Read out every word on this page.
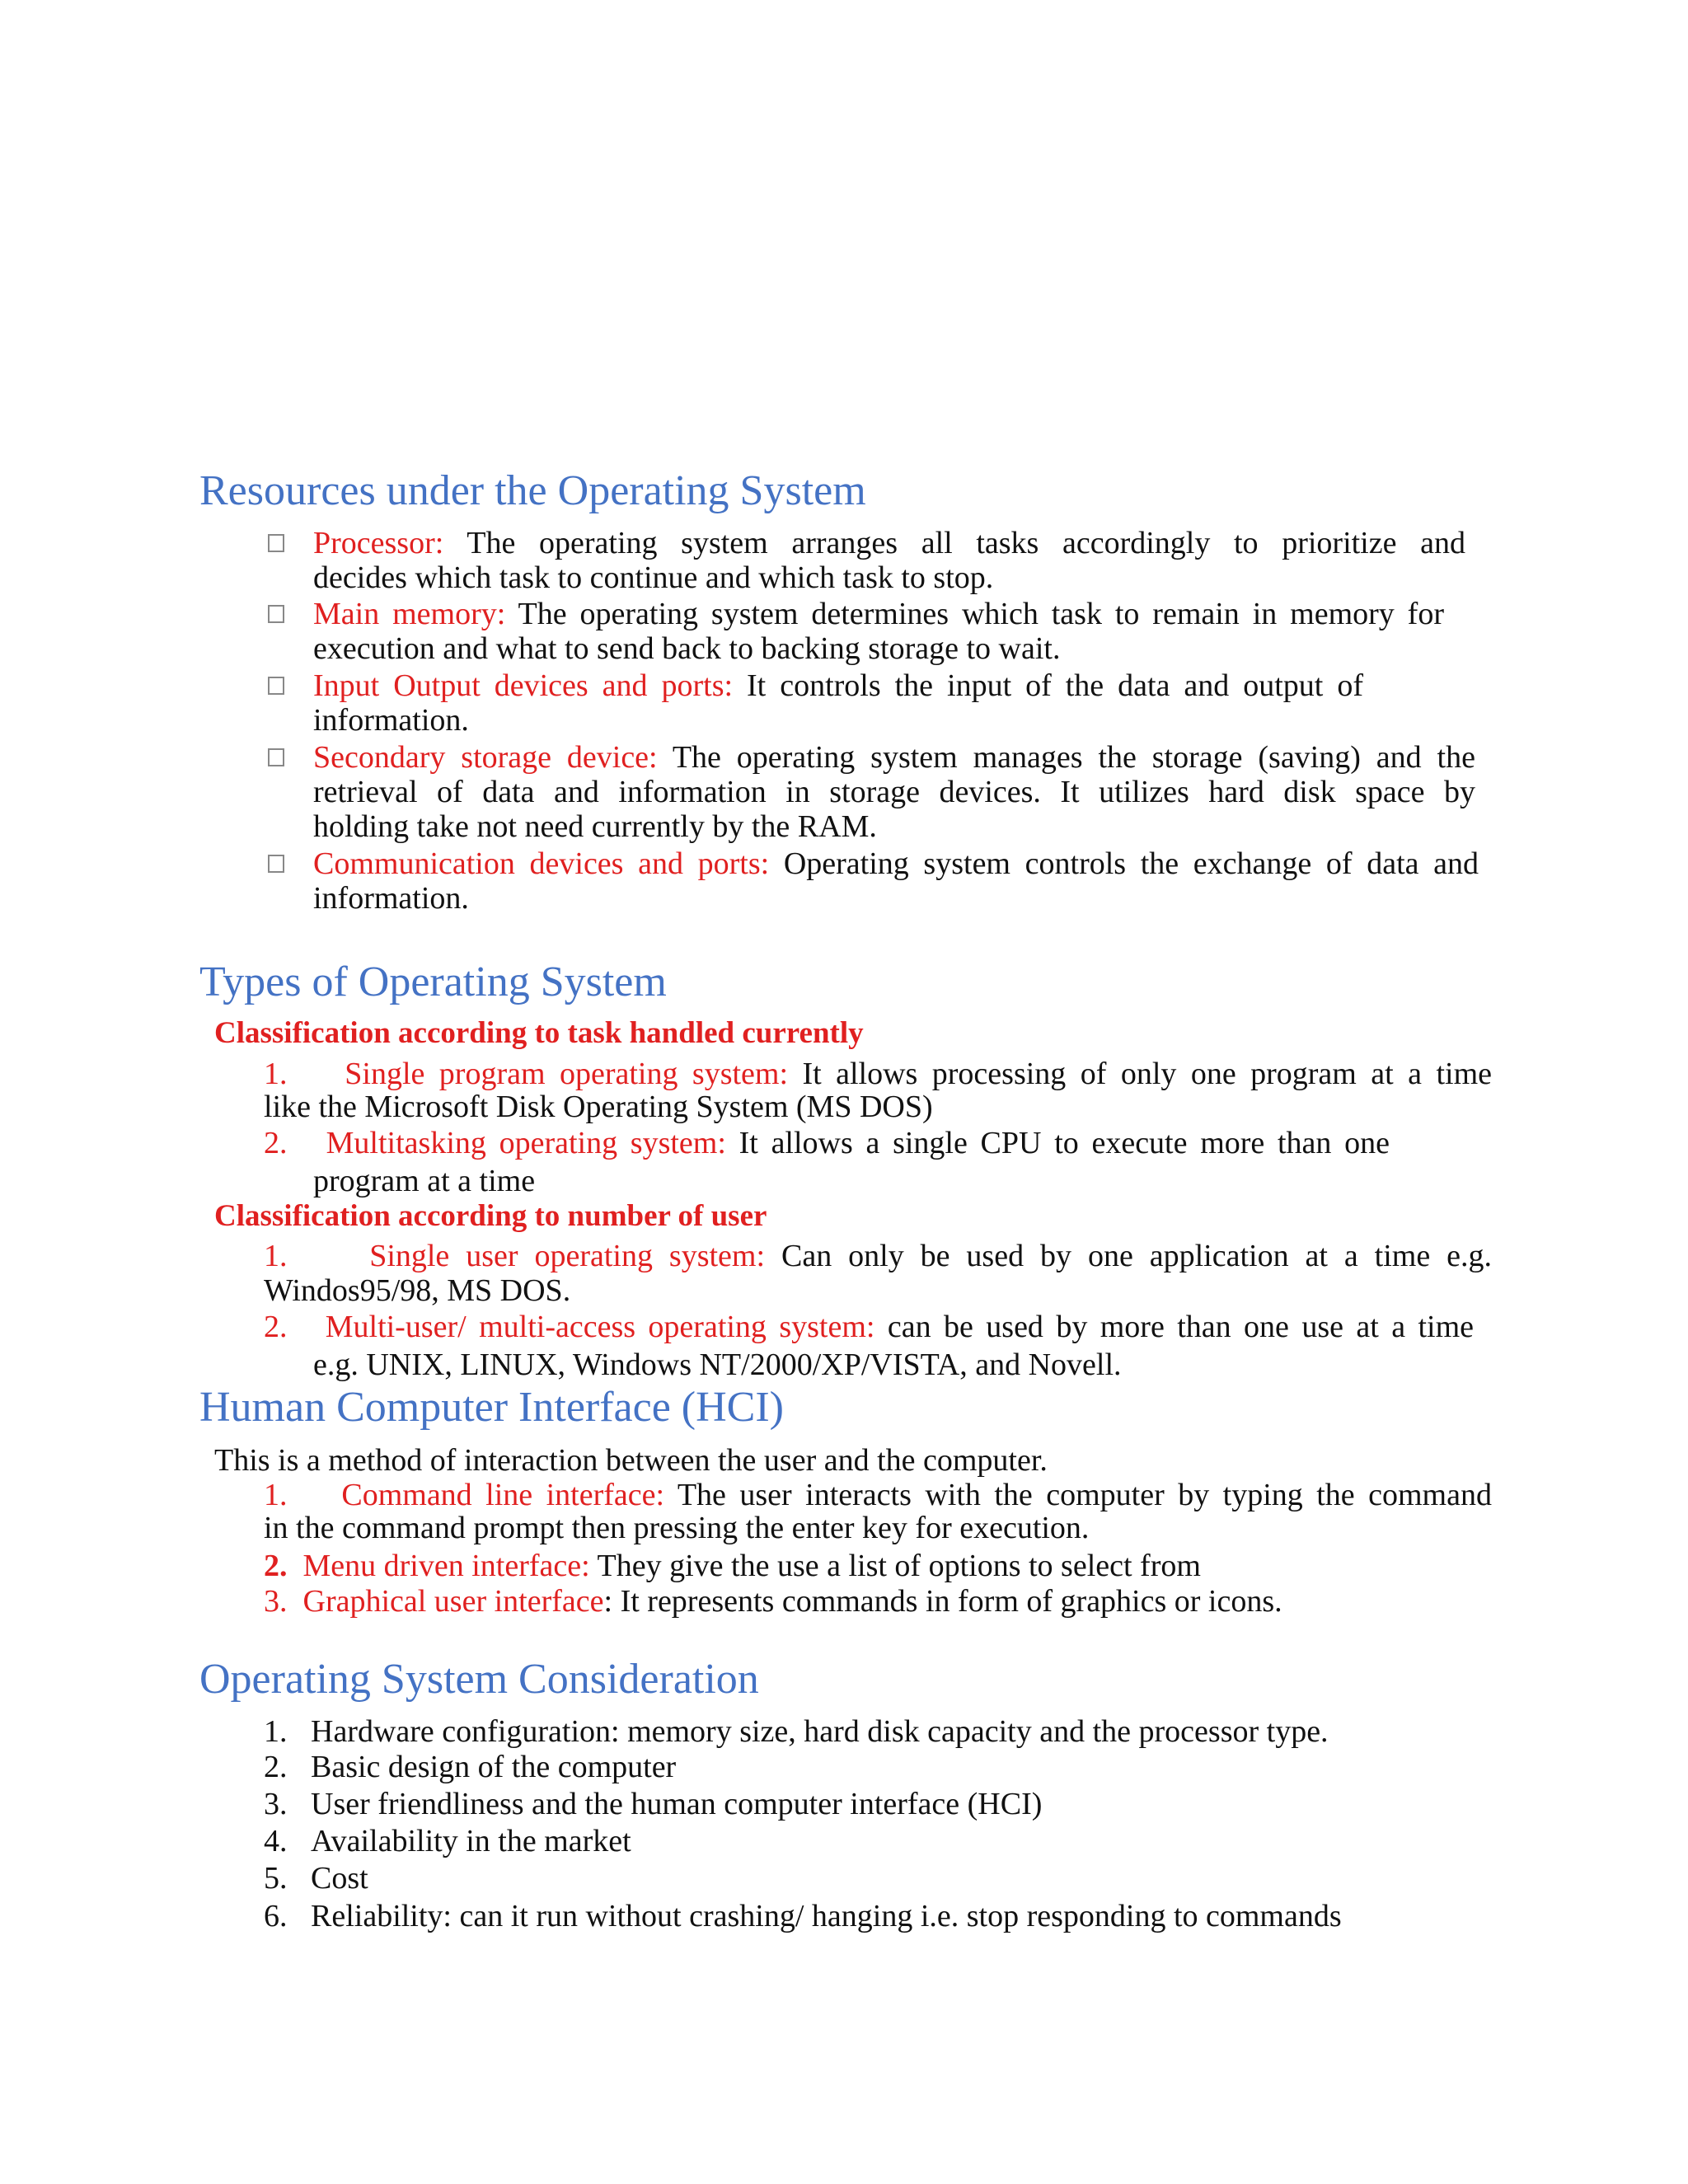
Resources under the Operating System
Processor: The operating system arranges all tasks accordingly to prioritize and
decides which task to continue and which task to stop.
Main memory: The operating system determines which task to remain in memory for
execution and what to send back to backing storage to wait.
Input Output devices and ports: It controls the input of the data and output of
information.
Secondary storage device: The operating system manages the storage (saving) and the
retrieval of data and information in storage devices. It utilizes hard disk space by
holding take not need currently by the RAM.
Communication devices and ports: Operating system controls the exchange of data and
information.
Types of Operating System
Classification according to task handled currently
1. Single program operating system: It allows processing of only one program at a time
like the Microsoft Disk Operating System (MS DOS)
2. Multitasking operating system: It allows a single CPU to execute more than one
program at a time
Classification according to number of user
1.	Single user operating system: Can only be used by one application at a time e.g.
Windos95/98, MS DOS.
2. Multi-user/ multi-access operating system: can be used by more than one use at a time
e.g. UNIX, LINUX, Windows NT/2000/XP/VISTA, and Novell.
Human Computer Interface (HCI)
This is a method of interaction between the user and the computer.
1. Command line interface: The user interacts with the computer by typing the command
in the command prompt then pressing the enter key for execution.
2. Menu driven interface: They give the use a list of options to select from
3. Graphical user interface: It represents commands in form of graphics or icons.
Operating System Consideration
1. Hardware configuration: memory size, hard disk capacity and the processor type.
2. Basic design of the computer
3. User friendliness and the human computer interface (HCI)
4. Availability in the market
5. Cost
6. Reliability: can it run without crashing/ hanging i.e. stop responding to commands
